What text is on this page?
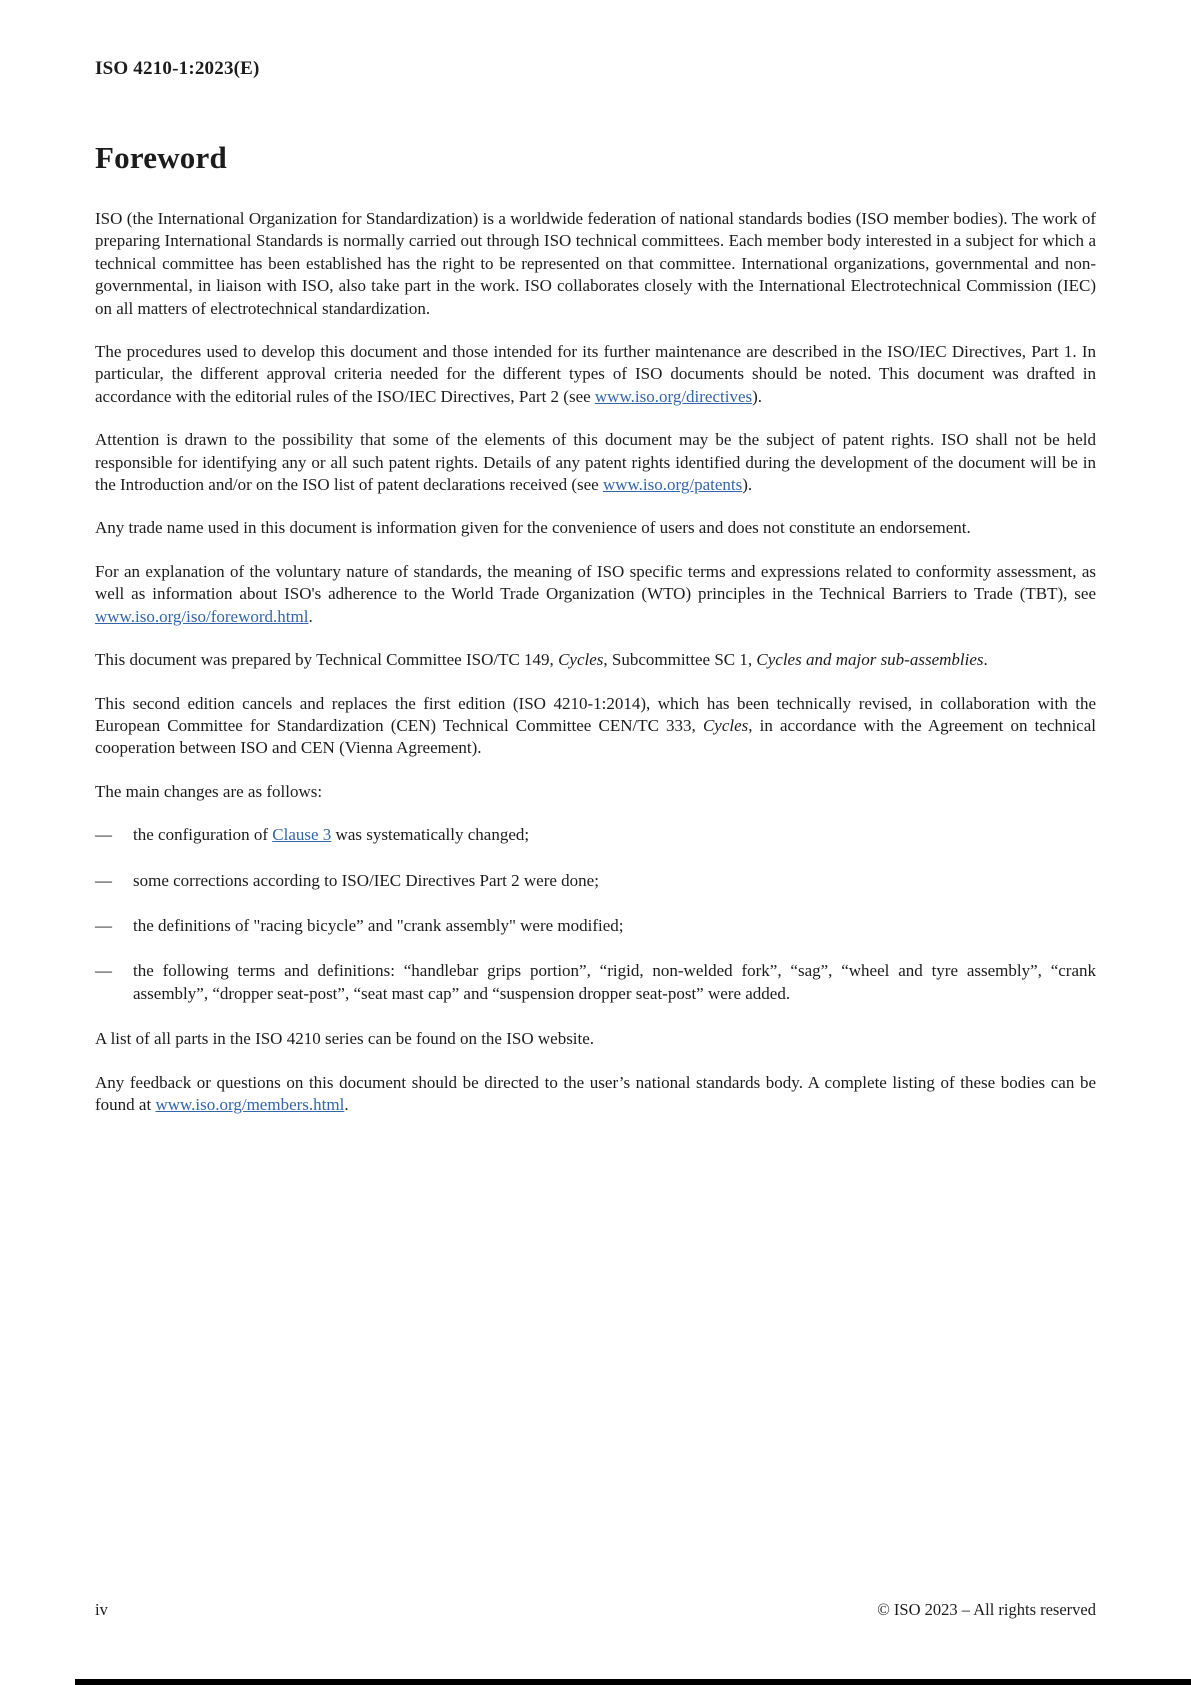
ISO 4210-1:2023(E)
Foreword

ISO (the International Organization for Standardization) is a worldwide federation of national standards bodies (ISO member bodies). The work of preparing International Standards is normally carried out through ISO technical committees. Each member body interested in a subject for which a technical committee has been established has the right to be represented on that committee. International organizations, governmental and non-governmental, in liaison with ISO, also take part in the work. ISO collaborates closely with the International Electrotechnical Commission (IEC) on all matters of electrotechnical standardization.

The procedures used to develop this document and those intended for its further maintenance are described in the ISO/IEC Directives, Part 1. In particular, the different approval criteria needed for the different types of ISO documents should be noted. This document was drafted in accordance with the editorial rules of the ISO/IEC Directives, Part 2 (see www.iso.org/directives).

Attention is drawn to the possibility that some of the elements of this document may be the subject of patent rights. ISO shall not be held responsible for identifying any or all such patent rights. Details of any patent rights identified during the development of the document will be in the Introduction and/or on the ISO list of patent declarations received (see www.iso.org/patents).

Any trade name used in this document is information given for the convenience of users and does not constitute an endorsement.

For an explanation of the voluntary nature of standards, the meaning of ISO specific terms and expressions related to conformity assessment, as well as information about ISO's adherence to the World Trade Organization (WTO) principles in the Technical Barriers to Trade (TBT), see www.iso.org/iso/foreword.html.

This document was prepared by Technical Committee ISO/TC 149, Cycles, Subcommittee SC 1, Cycles and major sub-assemblies.

This second edition cancels and replaces the first edition (ISO 4210-1:2014), which has been technically revised, in collaboration with the European Committee for Standardization (CEN) Technical Committee CEN/TC 333, Cycles, in accordance with the Agreement on technical cooperation between ISO and CEN (Vienna Agreement).

The main changes are as follows:

—	the configuration of Clause 3 was systematically changed;
—	some corrections according to ISO/IEC Directives Part 2 were done;
—	the definitions of "racing bicycle” and "crank assembly" were modified;
—	the following terms and definitions: “handlebar grips portion”, “rigid, non-welded fork”, “sag”, “wheel and tyre assembly”, “crank assembly”, “dropper seat-post”, “seat mast cap” and “suspension dropper seat-post” were added.

A list of all parts in the ISO 4210 series can be found on the ISO website.

Any feedback or questions on this document should be directed to the user’s national standards body. A complete listing of these bodies can be found at www.iso.org/members.html.

iv	© ISO 2023 – All rights reserved
